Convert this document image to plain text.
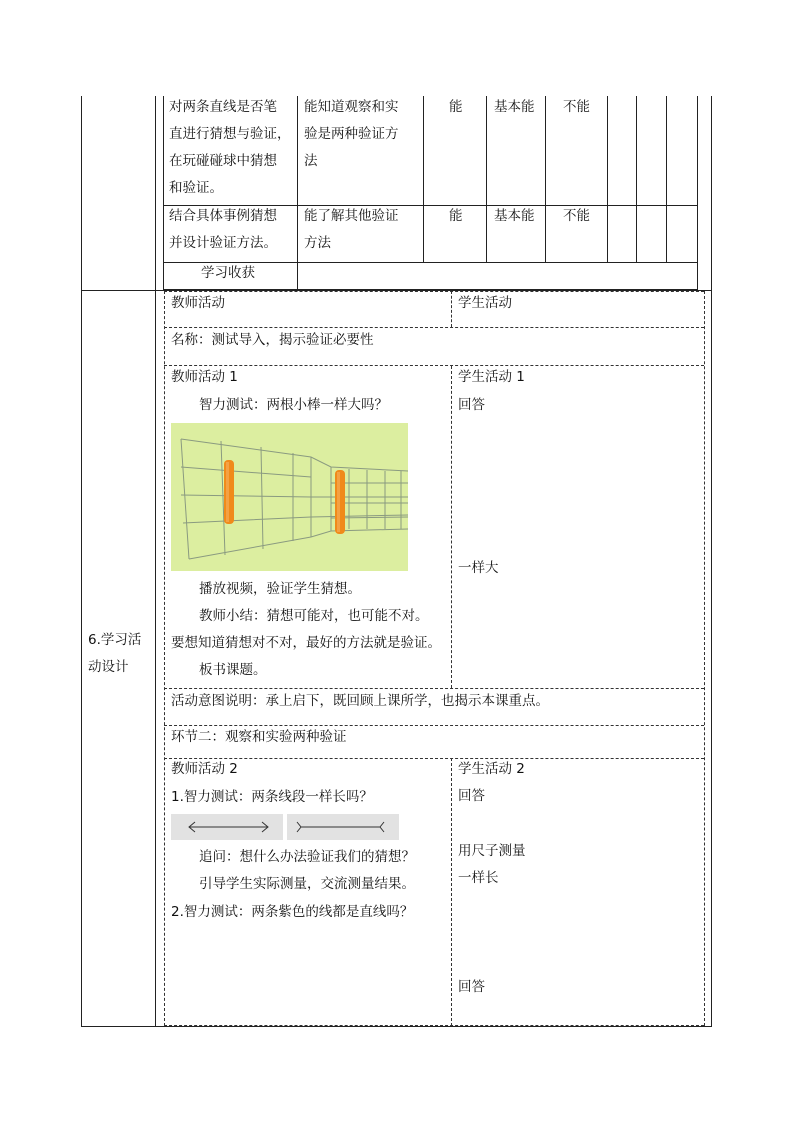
对两条直线是否笔
直进行猜想与验证，
在玩碰碰球中猜想
和验证。
能知道观察和实
验是两种验证方
法
能 基本能 不能
结合具体事例猜想
并设计验证方法。
能了解其他验证
方法
能 基本能 不能
学习收获
6.学习活
动设计
教师活动	学生活动
名称：测试导入，揭示验证必要性
教师活动 1
智力测试：两根小棒一样大吗？
播放视频，验证学生猜想。
教师小结：猜想可能对，也可能不对。
要想知道猜想对不对，最好的方法就是验证。
板书课题。
学生活动 1
回答
一样大
活动意图说明：承上启下，既回顾上课所学，也揭示本课重点。
环节二：观察和实验两种验证
教师活动 2
1.智力测试：两条线段一样长吗？
追问：想什么办法验证我们的猜想？
引导学生实际测量，交流测量结果。
2.智力测试：两条紫色的线都是直线吗？
学生活动 2
回答
用尺子测量
一样长
回答
